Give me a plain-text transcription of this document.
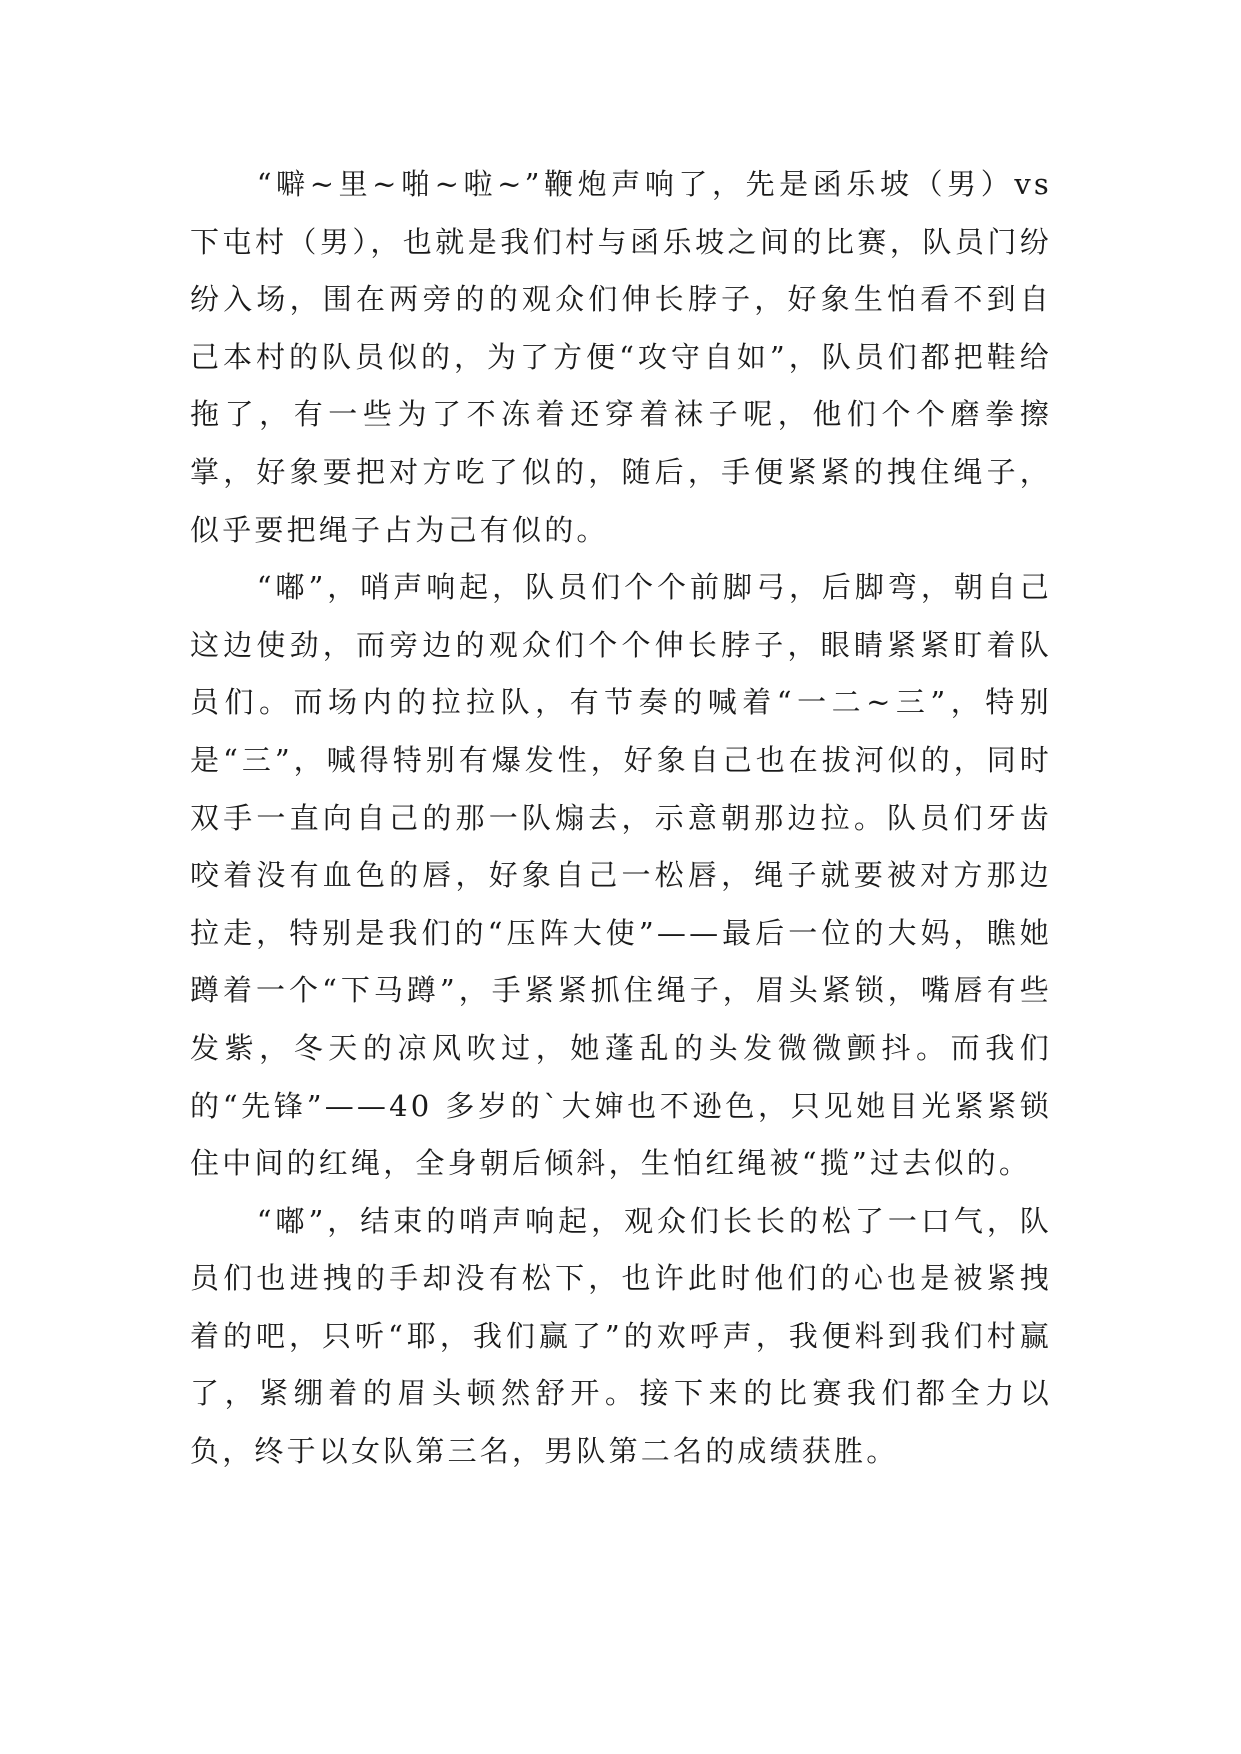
“噼~里~啪~啦~”鞭炮声响了，先是函乐坡（男）vs 下屯村（男），也就是我们村与函乐坡之间的比赛，队员门纷纷入场，围在两旁的的观众们伸长脖子，好象生怕看不到自己本村的队员似的，为了方便“攻守自如”，队员们都把鞋给拖了，有一些为了不冻着还穿着袜子呢，他们个个磨拳擦掌，好象要把对方吃了似的，随后，手便紧紧的拽住绳子，似乎要把绳子占为己有似的。

“嘟”，哨声响起，队员们个个前脚弓，后脚弯，朝自己这边使劲，而旁边的观众们个个伸长脖子，眼睛紧紧盯着队员们。而场内的拉拉队，有节奏的喊着“一二~三”，特别是“三”，喊得特别有爆发性，好象自己也在拔河似的，同时双手一直向自己的那一队煽去，示意朝那边拉。队员们牙齿咬着没有血色的唇，好象自己一松唇，绳子就要被对方那边拉走，特别是我们的“压阵大使”——最后一位的大妈，瞧她蹲着一个“下马蹲”，手紧紧抓住绳子，眉头紧锁，嘴唇有些发紫，冬天的凉风吹过，她蓬乱的头发微微颤抖。而我们的“先锋”——40 多岁的`大婶也不逊色，只见她目光紧紧锁住中间的红绳，全身朝后倾斜，生怕红绳被“揽”过去似的。

“嘟”，结束的哨声响起，观众们长长的松了一口气，队员们也进拽的手却没有松下，也许此时他们的心也是被紧拽着的吧，只听“耶，我们赢了”的欢呼声，我便料到我们村赢了，紧绷着的眉头顿然舒开。接下来的比赛我们都全力以负，终于以女队第三名，男队第二名的成绩获胜。
